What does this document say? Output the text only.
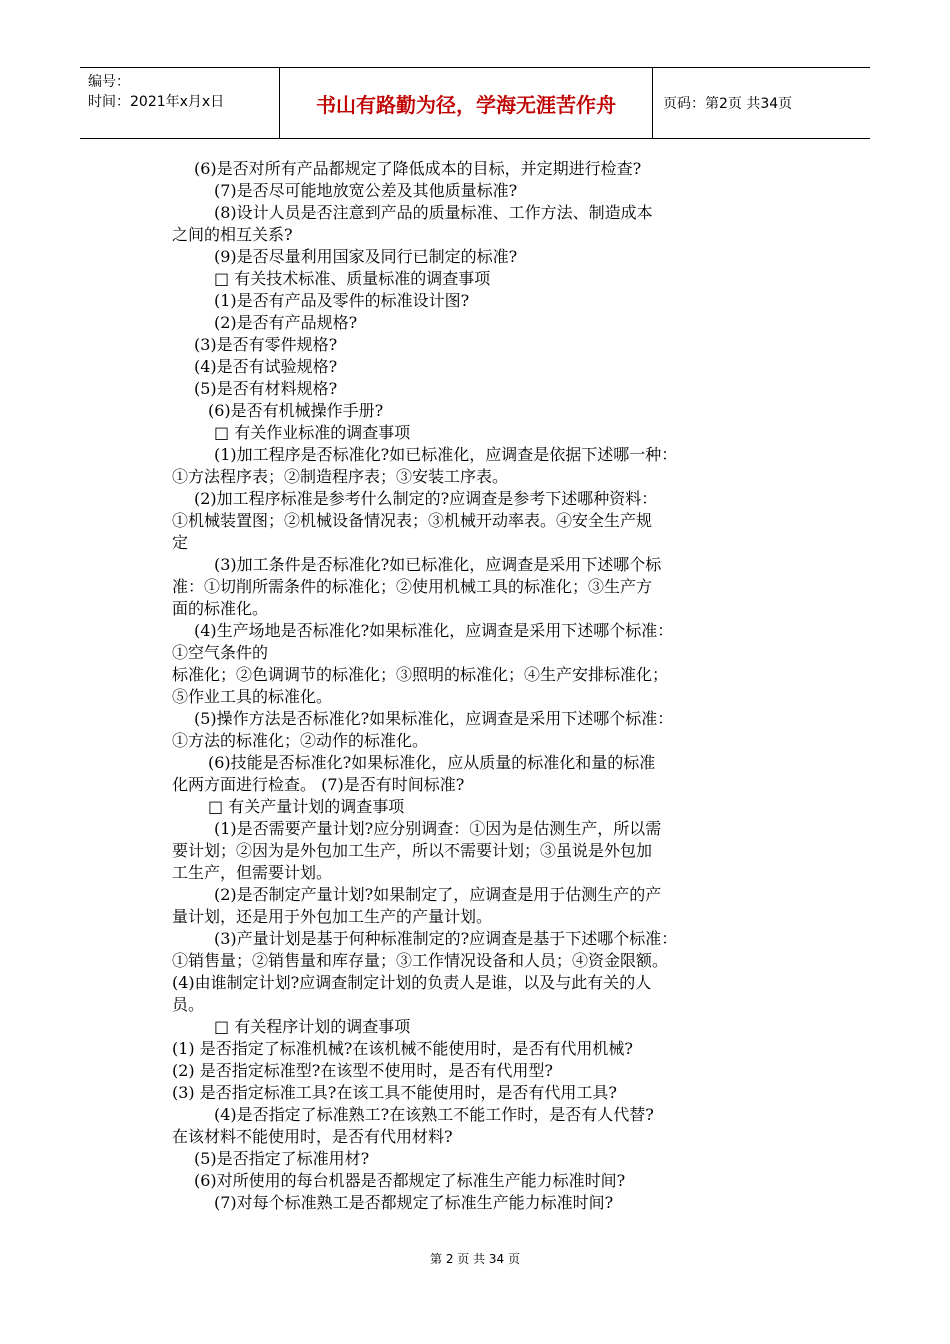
编号：
时间：2021年x月x日	书山有路勤为径，学海无涯苦作舟	页码：第2页 共34页
(6)是否对所有产品都规定了降低成本的目标，并定期进行检查?
(7)是否尽可能地放宽公差及其他质量标准?
(8)设计人员是否注意到产品的质量标准、工作方法、制造成本
之间的相互关系?
(9)是否尽量利用国家及同行已制定的标准?
□ 有关技术标准、质量标准的调查事项
(1)是否有产品及零件的标准设计图?
(2)是否有产品规格?
(3)是否有零件规格?
(4)是否有试验规格?
(5)是否有材料规格?
(6)是否有机械操作手册?
□ 有关作业标准的调查事项
(1)加工程序是否标准化?如已标准化，应调查是依据下述哪一种：
①方法程序表；②制造程序表；③安装工序表。
(2)加工程序标准是参考什么制定的?应调查是参考下述哪种资料：
①机械装置图；②机械设备情况表；③机械开动率表。④安全生产规
定
(3)加工条件是否标准化?如已标准化，应调查是采用下述哪个标
准：①切削所需条件的标准化；②使用机械工具的标准化；③生产方
面的标准化。
(4)生产场地是否标准化?如果标准化，应调查是采用下述哪个标准：
①空气条件的
标准化；②色调调节的标准化；③照明的标准化；④生产安排标准化；
⑤作业工具的标准化。
(5)操作方法是否标准化?如果标准化，应调查是采用下述哪个标准：
①方法的标准化；②动作的标准化。
(6)技能是否标准化?如果标准化，应从质量的标准化和量的标准
化两方面进行检查。 (7)是否有时间标准?
□ 有关产量计划的调查事项
(1)是否需要产量计划?应分别调查：①因为是估测生产，所以需
要计划；②因为是外包加工生产，所以不需要计划；③虽说是外包加
工生产，但需要计划。
(2)是否制定产量计划?如果制定了，应调查是用于估测生产的产
量计划，还是用于外包加工生产的产量计划。
(3)产量计划是基于何种标准制定的?应调查是基于下述哪个标准：
①销售量；②销售量和库存量；③工作情况设备和人员；④资金限额。
(4)由谁制定计划?应调查制定计划的负责人是谁，以及与此有关的人
员。
□ 有关程序计划的调查事项
(1) 是否指定了标准机械?在该机械不能使用时，是否有代用机械?
(2) 是否指定标准型?在该型不使用时，是否有代用型?
(3) 是否指定标准工具?在该工具不能使用时，是否有代用工具?
(4)是否指定了标准熟工?在该熟工不能工作时，是否有人代替?
在该材料不能使用时，是否有代用材料?
(5)是否指定了标准用材?
(6)对所使用的每台机器是否都规定了标准生产能力标准时间?
(7)对每个标准熟工是否都规定了标准生产能力标准时间?
第 2 页 共 34 页
